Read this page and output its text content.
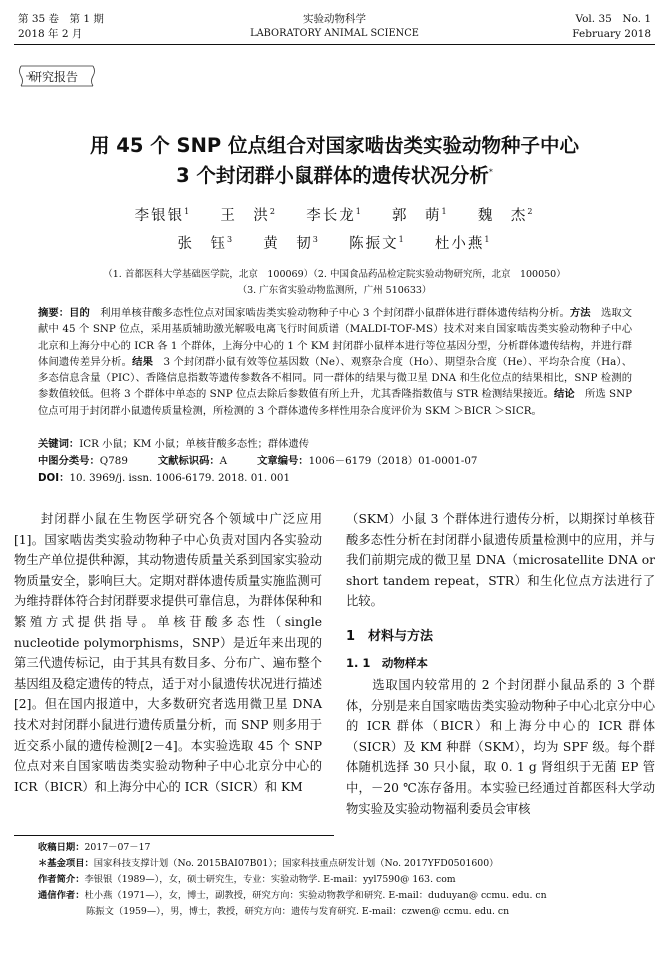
第 35 卷　第 1 期
2018 年 2 月
实验动物科学
LABORATORY ANIMAL SCIENCE
Vol. 35　No. 1
February 2018
研究报告
用 45 个 SNP 位点组合对国家啮齿类实验动物种子中心
3 个封闭群小鼠群体的遗传状况分析*
李银银$^1$ 王　洪$^2$ 李长龙$^1$ 郭　萌$^1$ 魏　杰$^2$
张　钰$^3$ 黄　韧$^3$ 陈振文$^1$ 杜小燕$^1$
（1. 首都医科大学基础医学院，北京　100069）（2. 中国食品药品检定院实验动物研究所，北京　100050）
（3. 广东省实验动物监测所，广州 510633）
摘要：目的　利用单核苷酸多态性位点对国家啮齿类实验动物种子中心 3 个封闭群小鼠群体进行群体遗传结构分析。方法　选取文献中 45 个 SNP 位点，采用基质辅助激光解吸电离飞行时间质谱（MALDI-TOF-MS）技术对来自国家啮齿类实验动物种子中心北京和上海分中心的 ICR 各 1 个群体，上海分中心的 1 个 KM 封闭群小鼠样本进行等位基因分型，分析群体遗传结构，并进行群体间遗传差异分析。结果　3 个封闭群小鼠有效等位基因数（Ne）、观察杂合度（Ho）、期望杂合度（He）、平均杂合度（Ha）、多态信息含量（PIC）、香隆信息指数等遗传参数各不相同。同一群体的结果与微卫星 DNA 和生化位点的结果相比，SNP 检测的参数值较低。但将 3 个群体中单态的 SNP 位点去除后参数值有所上升，尤其香隆指数值与 STR 检测结果接近。结论　所选 SNP 位点可用于封闭群小鼠遗传质量检测，所检测的 3 个群体遗传多样性用杂合度评价为 SKM ＞BICR ＞SICR。
关键词：ICR 小鼠；KM 小鼠；单核苷酸多态性；群体遗传
中图分类号：Q789	文献标识码：A	文章编号：1006－6179（2018）01-0001-07
DOI：10. 3969/j. issn. 1006-6179. 2018. 01. 001
　　封闭群小鼠在生物医学研究各个领域中广泛应用[1]。国家啮齿类实验动物种子中心负责对国内各实验动物生产单位提供种源，其动物遗传质量关系到国家实验动物质量安全，影响巨大。定期对群体遗传质量实施监测可为维持群体符合封闭群要求提供可靠信息，为群体保种和繁殖方式提供指导。单核苷酸多态性（single nucleotide polymorphisms，SNP）是近年来出现的第三代遗传标记，由于其具有数目多、分布广、遍布整个基因组及稳定遗传的特点，适于对小鼠遗传状况进行描述[2]。但在国内报道中，大多数研究者选用微卫星 DNA 技术对封闭群小鼠进行遗传质量分析，而 SNP 则多用于近交系小鼠的遗传检测[2－4]。本实验选取 45 个 SNP 位点对来自国家啮齿类实验动物种子中心北京分中心的 ICR（BICR）和上海分中心的 ICR（SICR）和 KM
（SKM）小鼠 3 个群体进行遗传分析，以期探讨单核苷酸多态性分析在封闭群小鼠遗传质量检测中的应用，并与我们前期完成的微卫星 DNA（microsatellite DNA or short tandem repeat，STR）和生化位点方法进行了比较。
1　材料与方法
1. 1　动物样本
　　选取国内较常用的 2 个封闭群小鼠品系的 3 个群体，分别是来自国家啮齿类实验动物种子中心北京分中心的 ICR 群体（BICR）和上海分中心的 ICR 群体（SICR）及 KM 种群（SKM），均为 SPF 级。每个群体随机选择 30 只小鼠，取 0. 1 g 肾组织于无菌 EP 管中，－20 ℃冻存备用。本实验已经通过首都医科大学动物实验及实验动物福利委员会审核
收稿日期：2017－07－17
＊基金项目：国家科技支撑计划（No. 2015BAI07B01）；国家科技重点研发计划（No. 2017YFD0501600）
作者简介：李银银（1989—），女，硕士研究生，专业：实验动物学. E-mail：yyl7590@ 163. com
通信作者：杜小燕（1971—），女，博士，副教授，研究方向：实验动物教学和研究. E-mail：duduyan@ ccmu. edu. cn
陈振文（1959—），男，博士，教授，研究方向：遗传与发育研究. E-mail：czwen@ ccmu. edu. cn
